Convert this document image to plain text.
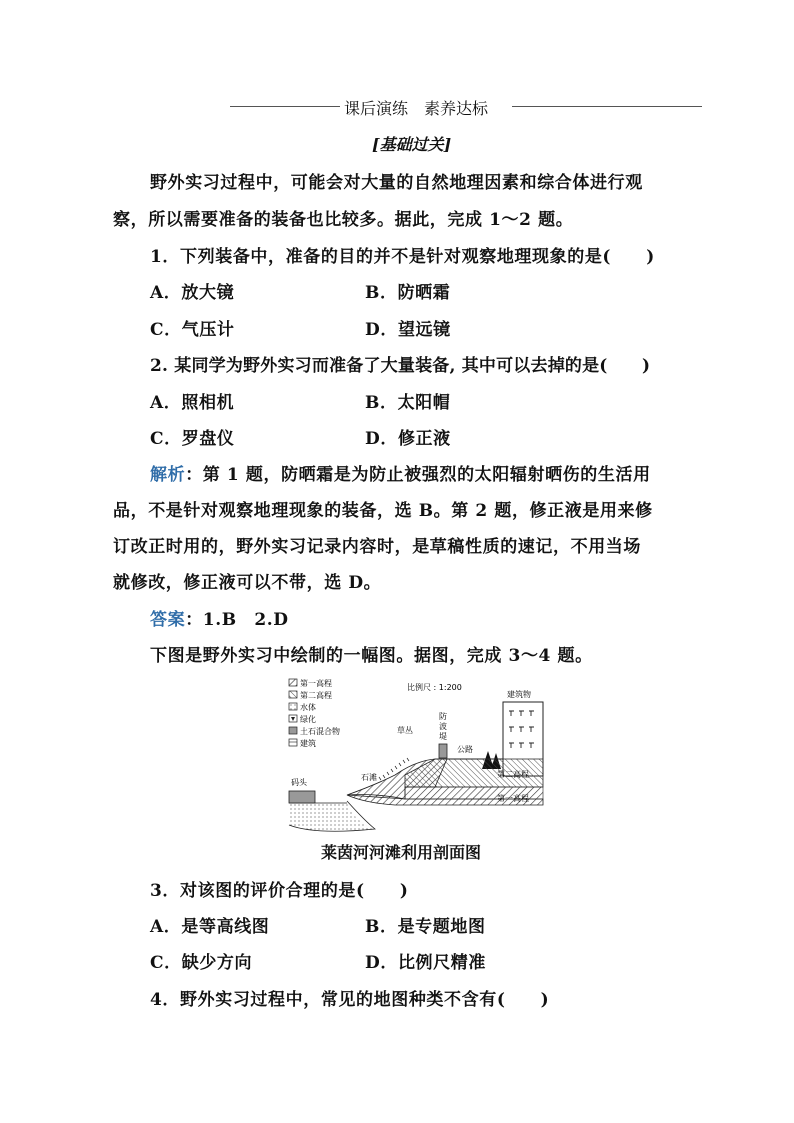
课后演练　素养达标
[基础过关]
野外实习过程中，可能会对大量的自然地理因素和综合体进行观
察，所以需要准备的装备也比较多。据此，完成 1～2 题。
1．下列装备中，准备的目的并不是针对观察地理现象的是(　　)
A．放大镜	B．防晒霜
C．气压计	D．望远镜
2. 某同学为野外实习而准备了大量装备, 其中可以去掉的是(　　)
A．照相机	B．太阳帽
C．罗盘仪	D．修正液
解析：第 1 题，防晒霜是为防止被强烈的太阳辐射晒伤的生活用
品，不是针对观察地理现象的装备，选 B。第 2 题，修正液是用来修
订改正时用的，野外实习记录内容时，是草稿性质的速记，不用当场
就修改，修正液可以不带，选 D。
答案：1.B　2.D
下图是野外实习中绘制的一幅图。据图，完成 3～4 题。
第一高程
第二高程
水体
绿化
土石混合物
建筑
比例尺 : 1:200
建筑物
防
波
堤
公路
草丛
石滩
码头
第二高程
第一高程
莱茵河河滩利用剖面图
3．对该图的评价合理的是(　　)
A．是等高线图	B．是专题地图
C．缺少方向	D．比例尺精准
4．野外实习过程中，常见的地图种类不含有(　　)
